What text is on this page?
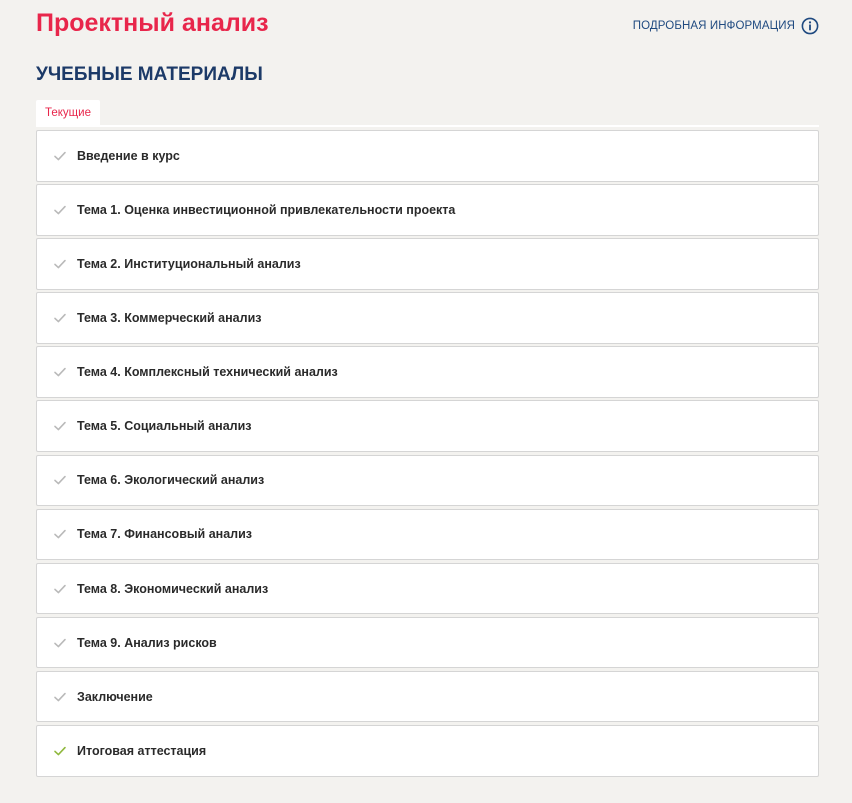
Проектный анализ	ПОДРОБНАЯ ИНФОРМАЦИЯ
УЧЕБНЫЕ МАТЕРИАЛЫ
Текущие
Введение в курс
Тема 1. Оценка инвестиционной привлекательности проекта
Тема 2. Институциональный анализ
Тема 3. Коммерческий анализ
Тема 4. Комплексный технический анализ
Тема 5. Социальный анализ
Тема 6. Экологический анализ
Тема 7. Финансовый анализ
Тема 8. Экономический анализ
Тема 9. Анализ рисков
Заключение
Итоговая аттестация
